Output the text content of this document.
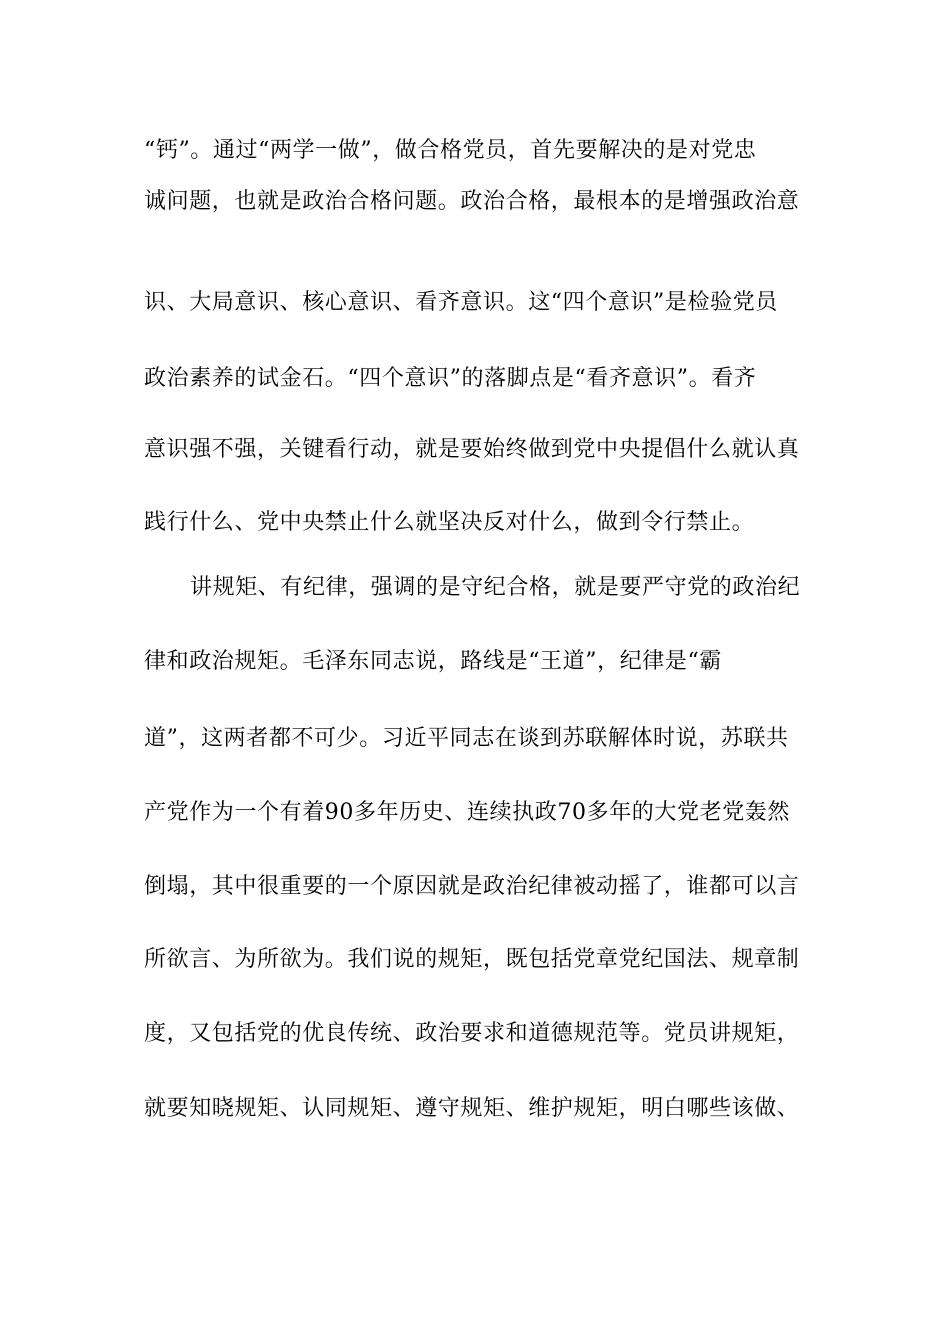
“钙”。通过“两学一做”，做合格党员，首先要解决的是对党忠
诚问题，也就是政治合格问题。政治合格，最根本的是增强政治意
识、大局意识、核心意识、看齐意识。这“四个意识”是检验党员
政治素养的试金石。“四个意识”的落脚点是“看齐意识”。看齐
意识强不强，关键看行动，就是要始终做到党中央提倡什么就认真
践行什么、党中央禁止什么就坚决反对什么，做到令行禁止。
讲规矩、有纪律，强调的是守纪合格，就是要严守党的政治纪
律和政治规矩。毛泽东同志说，路线是“王道”，纪律是“霸
道”，这两者都不可少。习近平同志在谈到苏联解体时说，苏联共
产党作为一个有着90多年历史、连续执政70多年的大党老党轰然
倒塌，其中很重要的一个原因就是政治纪律被动摇了，谁都可以言
所欲言、为所欲为。我们说的规矩，既包括党章党纪国法、规章制
度，又包括党的优良传统、政治要求和道德规范等。党员讲规矩，
就要知晓规矩、认同规矩、遵守规矩、维护规矩，明白哪些该做、
